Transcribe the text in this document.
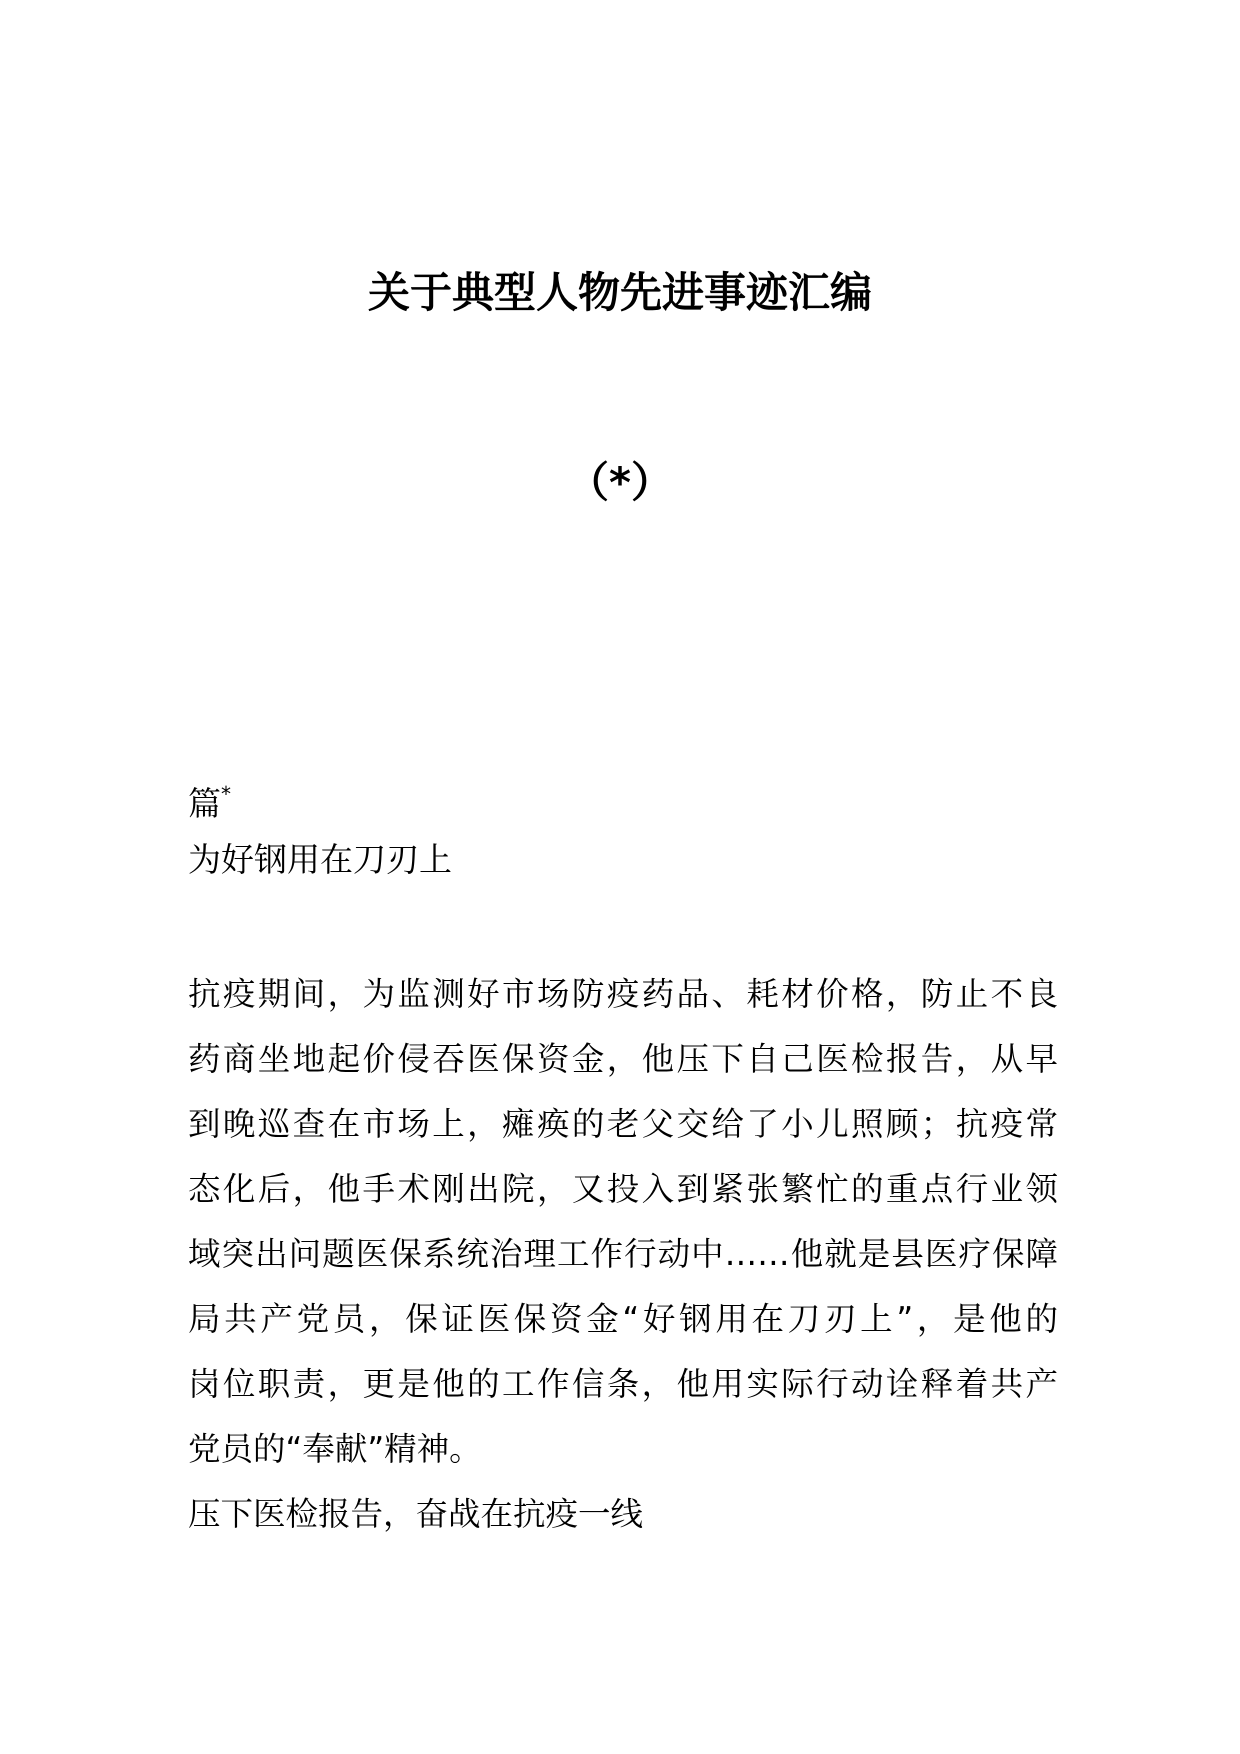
关于典型人物先进事迹汇编
（*）
篇*
为好钢用在刀刃上
抗疫期间，为监测好市场防疫药品、耗材价格，防止不良
药商坐地起价侵吞医保资金，他压下自己医检报告，从早
到晚巡查在市场上，瘫痪的老父交给了小儿照顾；抗疫常
态化后，他手术刚出院，又投入到紧张繁忙的重点行业领
域突出问题医保系统治理工作行动中……他就是县医疗保障
局共产党员，保证医保资金“好钢用在刀刃上”，是他的
岗位职责，更是他的工作信条，他用实际行动诠释着共产
党员的“奉献”精神。
压下医检报告，奋战在抗疫一线
